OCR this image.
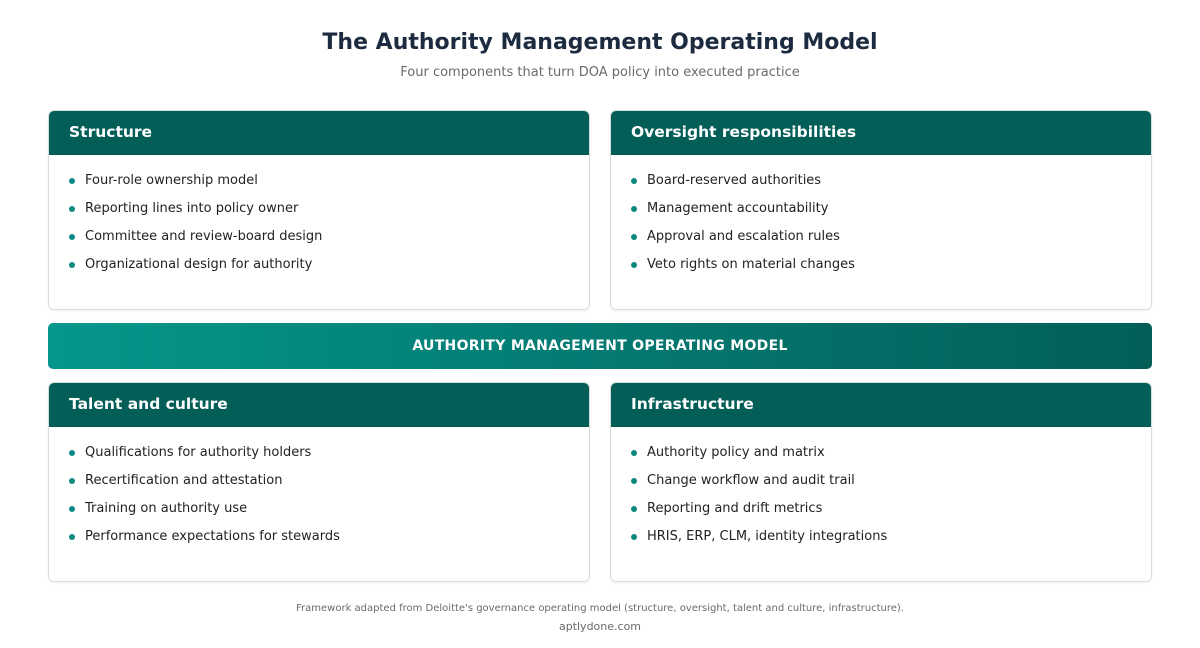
The Authority Management Operating Model
Four components that turn DOA policy into executed practice
Structure
Four-role ownership model
Reporting lines into policy owner
Committee and review-board design
Organizational design for authority
Oversight responsibilities
Board-reserved authorities
Management accountability
Approval and escalation rules
Veto rights on material changes
AUTHORITY MANAGEMENT OPERATING MODEL
Talent and culture
Qualifications for authority holders
Recertification and attestation
Training on authority use
Performance expectations for stewards
Infrastructure
Authority policy and matrix
Change workflow and audit trail
Reporting and drift metrics
HRIS, ERP, CLM, identity integrations
Framework adapted from Deloitte's governance operating model (structure, oversight, talent and culture, infrastructure).
aptlydone.com
